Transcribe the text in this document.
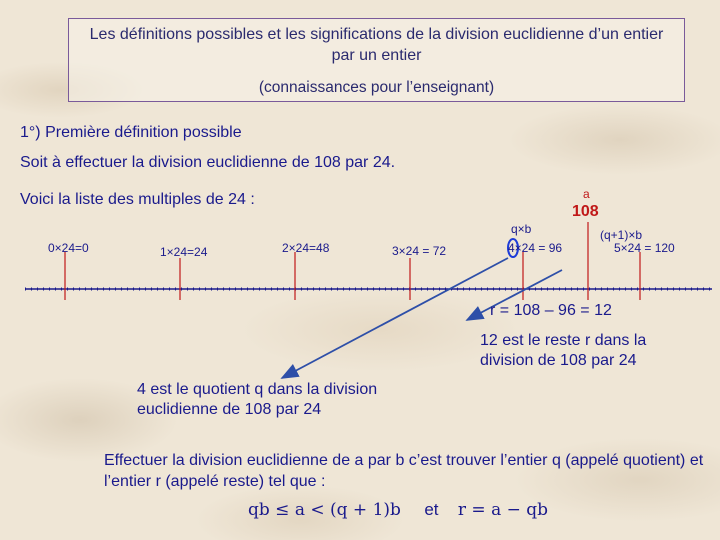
Les définitions possibles et les significations de la division euclidienne d’un entier par un entier
(connaissances pour l’enseignant)
1°) Première définition possible
Soit à effectuer la division euclidienne de 108 par 24.
Voici la liste des multiples de 24 :
0×24=0	1×24=24	2×24=48	3×24 = 72	4×24 = 96	5×24 = 120
q×b
a
108
(q+1)×b
r = 108 – 96 = 12
12 est le reste r dans la division de 108 par 24
4 est le quotient q dans la division euclidienne de 108 par 24
Effectuer la division euclidienne de a par b c’est trouver l’entier q (appelé quotient) et l’entier r (appelé reste) tel que :
qb ≤ a < (q + 1)b et r = a − qb
